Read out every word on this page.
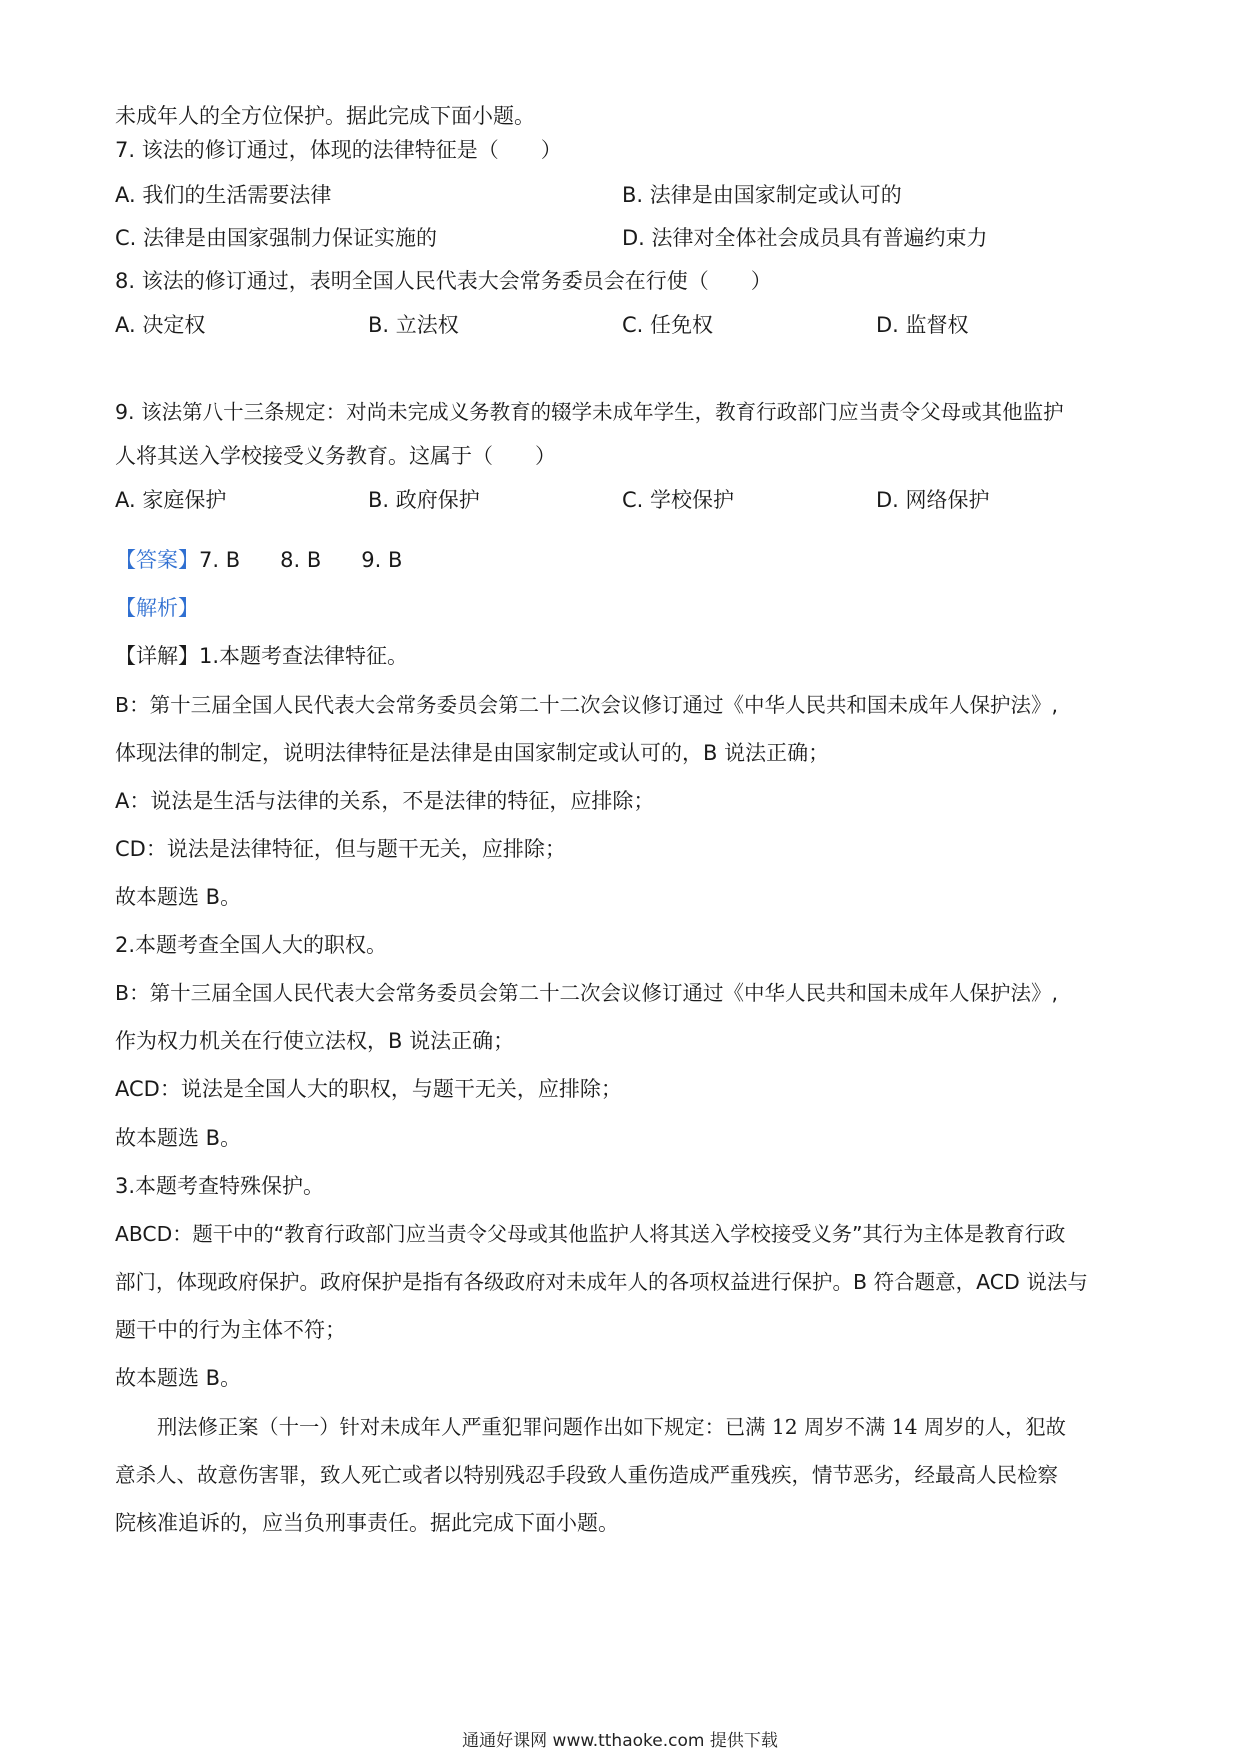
未成年人的全方位保护。据此完成下面小题。
7. 该法的修订通过，体现的法律特征是（　　）
A. 我们的生活需要法律	B. 法律是由国家制定或认可的
C. 法律是由国家强制力保证实施的	D. 法律对全体社会成员具有普遍约束力
8. 该法的修订通过，表明全国人民代表大会常务委员会在行使（　　）
A. 决定权	B. 立法权	C. 任免权	D. 监督权
9. 该法第八十三条规定：对尚未完成义务教育的辍学未成年学生，教育行政部门应当责令父母或其他监护
人将其送入学校接受义务教育。这属于（　　）
A. 家庭保护	B. 政府保护	C. 学校保护	D. 网络保护
【答案】7. B 8. B 9. B
【解析】
【详解】1.本题考查法律特征。
B：第十三届全国人民代表大会常务委员会第二十二次会议修订通过《中华人民共和国未成年人保护法》,
体现法律的制定，说明法律特征是法律是由国家制定或认可的，B 说法正确；
A：说法是生活与法律的关系，不是法律的特征，应排除；
CD：说法是法律特征，但与题干无关，应排除；
故本题选 B。
2.本题考查全国人大的职权。
B：第十三届全国人民代表大会常务委员会第二十二次会议修订通过《中华人民共和国未成年人保护法》,
作为权力机关在行使立法权，B 说法正确；
ACD：说法是全国人大的职权，与题干无关，应排除；
故本题选 B。
3.本题考查特殊保护。
ABCD：题干中的“教育行政部门应当责令父母或其他监护人将其送入学校接受义务”其行为主体是教育行政
部门，体现政府保护。政府保护是指有各级政府对未成年人的各项权益进行保护。B 符合题意，ACD 说法与
题干中的行为主体不符；
故本题选 B。
刑法修正案（十一）针对未成年人严重犯罪问题作出如下规定：已满 12 周岁不满 14 周岁的人，犯故
意杀人、故意伤害罪，致人死亡或者以特别残忍手段致人重伤造成严重残疾，情节恶劣，经最高人民检察
院核准追诉的，应当负刑事责任。据此完成下面小题。
通通好课网 www.tthaoke.com 提供下载
